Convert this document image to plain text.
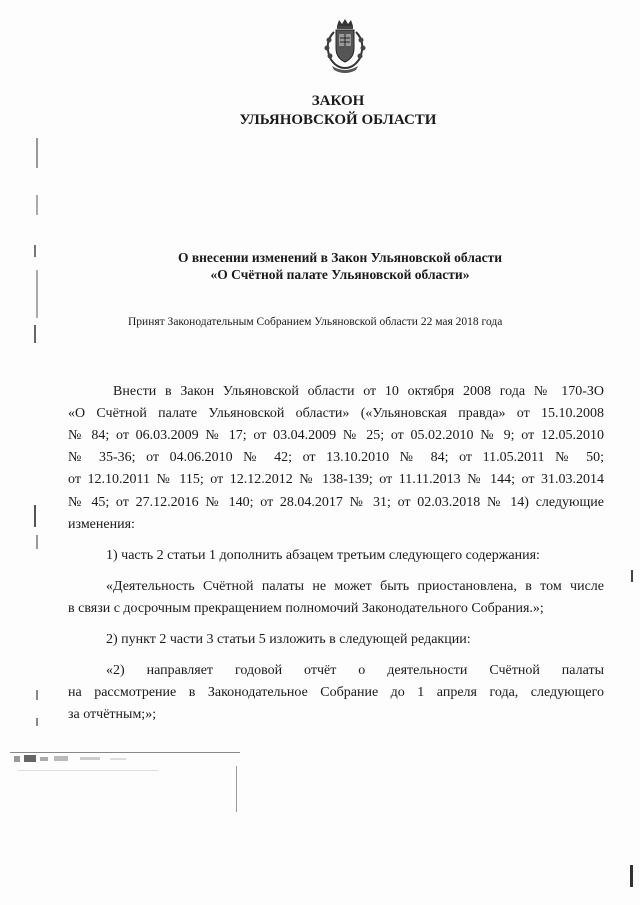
ЗАКОН
УЛЬЯНОВСКОЙ ОБЛАСТИ
О внесении изменений в Закон Ульяновской области
«О Счётной палате Ульяновской области»
Принят Законодательным Собранием Ульяновской области 22 мая 2018 года
Внести в Закон Ульяновской области от 10 октября 2008 года № 170-ЗО
«О Счётной палате Ульяновской области» («Ульяновская правда» от 15.10.2008
№ 84; от 06.03.2009 № 17; от 03.04.2009 № 25; от 05.02.2010 № 9; от 12.05.2010
№ 35-36; от 04.06.2010 № 42; от 13.10.2010 № 84; от 11.05.2011 № 50;
от 12.10.2011 № 115; от 12.12.2012 № 138-139; от 11.11.2013 № 144; от 31.03.2014
№ 45; от 27.12.2016 № 140; от 28.04.2017 № 31; от 02.03.2018 № 14) следующие
изменения:
1) часть 2 статьи 1 дополнить абзацем третьим следующего содержания:
«Деятельность Счётной палаты не может быть приостановлена, в том числе
в связи с досрочным прекращением полномочий Законодательного Собрания.»;
2) пункт 2 части 3 статьи 5 изложить в следующей редакции:
«2) направляет годовой отчёт о деятельности Счётной палаты
на рассмотрение в Законодательное Собрание до 1 апреля года, следующего
за отчётным;»;
